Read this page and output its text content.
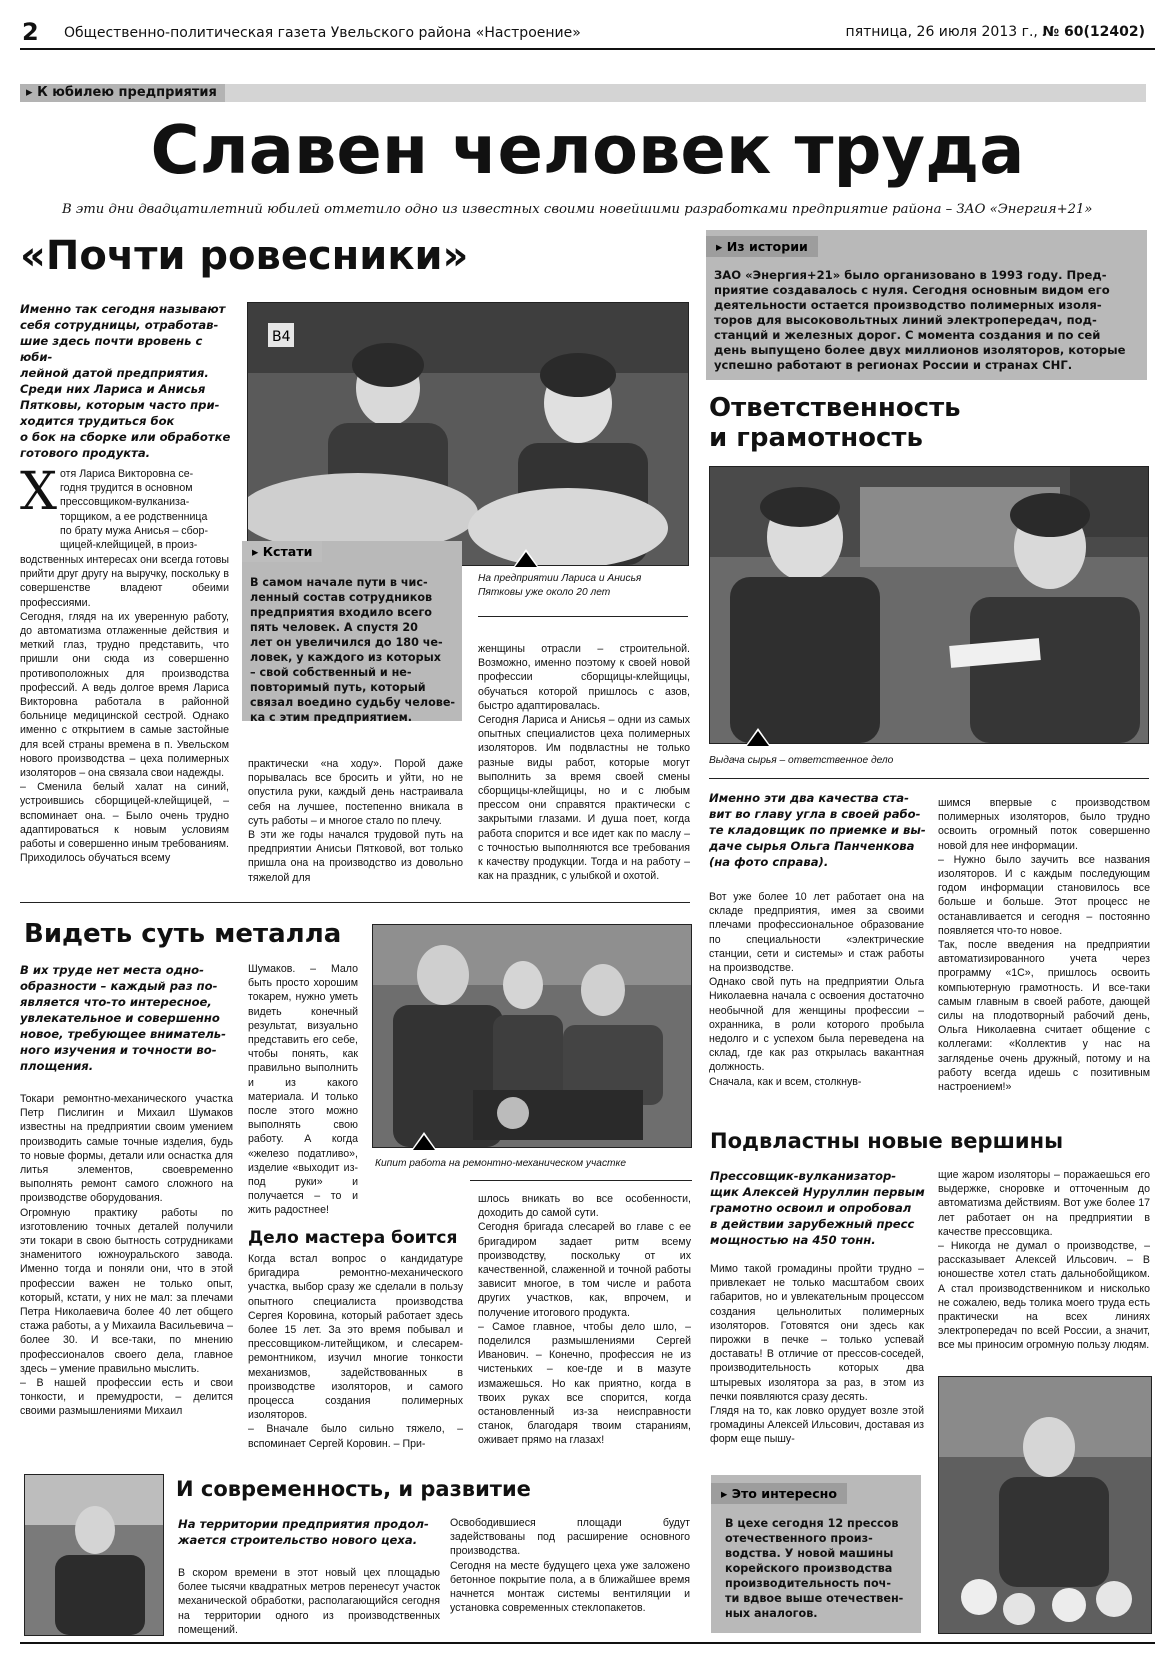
2 Общественно-политическая газета Увельского района «Настроение»	пятница, 26 июля 2013 г., № 60(12402)
▸ К юбилею предприятия
Славен человек труда
В эти дни двадцатилетний юбилей отметило одно из известных своими новейшими разработками предприятие района – ЗАО «Энергия+21»
«Почти ровесники»

Именно так сегодня называют
себя сотрудницы, отработав-
шие здесь почти вровень с юби-
лейной датой предприятия.
Среди них Лариса и Анисья
Пятковы, которым часто при-
ходится трудиться бок
о бок на сборке или обработке
готового продукта.

Х отя Лариса Викторовна се-
годня трудится в основном
прессовщиком-вулканиза-
торщиком, а ее родственница
по брату мужа Анисья – сбор-
щицей-клейщицей, в произ-

водственных интересах они всегда готовы прийти друг другу на выручку, поскольку в совершенстве владеют обеими профессиями.
Сегодня, глядя на их уверенную работу, до автоматизма отлаженные действия и меткий глаз, трудно представить, что пришли они сюда из совершенно противоположных для производства профессий. А ведь долгое время Лариса Викторовна работала в районной больнице медицинской сестрой. Однако именно с открытием в самые застойные для всей страны времена в п. Увельском нового производства – цеха полимерных изоляторов – она связала свои надежды.
– Сменила белый халат на синий, устроившись сборщицей-клейщицей, – вспоминает она. – Было очень трудно адаптироваться к новым условиям работы и совершенно иным требованиям. Приходилось обучаться всему

B4

На предприятии Лариса и Анисья
Пятковы уже около 20 лет

▸ Кстати

В самом начале пути в чис-
ленный состав сотрудников
предприятия входило всего
пять человек. А спустя 20
лет он увеличился до 180 че-
ловек, у каждого из которых
– свой собственный и не-
повторимый путь, который
связал воедино судьбу челове-
ка с этим предприятием.

практически «на ходу». Порой даже порывалась все бросить и уйти, но не опустила руки, каждый день настраивала себя на лучшее, постепенно вникала в суть работы – и многое стало по плечу.
В эти же годы начался трудовой путь на предприятии Анисьи Пятковой, вот только пришла она на производство из довольно тяжелой для

женщины отрасли – строительной. Возможно, именно поэтому к своей новой профессии сборщицы-клейщицы, обучаться которой пришлось с азов, быстро адаптировалась.
Сегодня Лариса и Анисья – одни из самых опытных специалистов цеха полимерных изоляторов. Им подвластны не только разные виды работ, которые могут выполнить за время своей смены сборщицы-клейщицы, но и с любым прессом они справятся практически с закрытыми глазами. И душа поет, когда работа спорится и все идет как по маслу – с точностью выполняются все требования к качеству продукции. Тогда и на работу – как на праздник, с улыбкой и охотой.

▸ Из истории

ЗАО «Энергия+21» было организовано в 1993 году. Пред-
приятие создавалось с нуля. Сегодня основным видом его
деятельности остается производство полимерных изоля-
торов для высоковольтных линий электропередач, под-
станций и железных дорог. С момента создания и по сей
день выпущено более двух миллионов изоляторов, которые
успешно работают в регионах России и странах СНГ.

Ответственность
и грамотность

Выдача сырья – ответственное дело

Именно эти два качества ста-
вит во главу угла в своей рабо-
те кладовщик по приемке и вы-
даче сырья Ольга Панченкова
(на фото справа).

Вот уже более 10 лет работает она на складе предприятия, имея за своими плечами профессиональное образование по специальности «электрические станции, сети и системы» и стаж работы на производстве.
Однако свой путь на предприятии Ольга Николаевна начала с освоения достаточно необычной для женщины профессии – охранника, в роли которого пробыла недолго и с успехом была переведена на склад, где как раз открылась вакантная должность.
Сначала, как и всем, столкнув-

шимся впервые с производством полимерных изоляторов, было трудно освоить огромный поток совершенно новой для нее информации.
– Нужно было заучить все названия изоляторов. И с каждым последующим годом информации становилось все больше и больше. Этот процесс не останавливается и сегодня – постоянно появляется что-то новое.
Так, после введения на предприятии автоматизированного учета через программу «1С», пришлось освоить компьютерную грамотность. И все-таки самым главным в своей работе, дающей силы на плодотворный рабочий день, Ольга Николаевна считает общение с коллегами: «Коллектив у нас на загляденье очень дружный, потому и на работу всегда идешь с позитивным настроением!»

Видеть суть металла

В их труде нет места одно-
образности – каждый раз по-
является что-то интересное,
увлекательное и совершенно
новое, требующее вниматель-
ного изучения и точности во-
площения.

Токари ремонтно-механического участка Петр Пислигин и Михаил Шумаков известны на предприятии своим умением производить самые точные изделия, будь то новые формы, детали или оснастка для литья элементов, своевременно выполнять ремонт самого сложного на производстве оборудования.
Огромную практику работы по изготовлению точных деталей получили эти токари в свою бытность сотрудниками знаменитого южноуральского завода. Именно тогда и поняли они, что в этой профессии важен не только опыт, который, кстати, у них не мал: за плечами Петра Николаевича более 40 лет общего стажа работы, а у Михаила Васильевича – более 30. И все-таки, по мнению профессионалов своего дела, главное здесь – умение правильно мыслить.
– В нашей профессии есть и свои тонкости, и премудрости, – делится своими размышлениями Михаил

Шумаков. – Мало быть просто хорошим токарем, нужно уметь видеть конечный результат, визуально представить его себе, чтобы понять, как правильно выполнить и из какого материала. И только после этого можно выполнять свою работу. А когда «железо податливо», изделие «выходит из-под руки» и получается – то и жить радостнее!

Кипит работа на ремонтно-механическом участке

Дело мастера боится

Когда встал вопрос о кандидатуре бригадира ремонтно-механического участка, выбор сразу же сделали в пользу опытного специалиста производства Сергея Коровина, который работает здесь более 15 лет. За это время побывал и прессовщиком-литейщиком, и слесарем-ремонтником, изучил многие тонкости механизмов, задействованных в производстве изоляторов, и самого процесса создания полимерных изоляторов.
– Вначале было сильно тяжело, – вспоминает Сергей Коровин. – При-

шлось вникать во все особенности, доходить до самой сути.
Сегодня бригада слесарей во главе с ее бригадиром задает ритм всему производству, поскольку от их качественной, слаженной и точной работы зависит многое, в том числе и работа других участков, как, впрочем, и получение итогового продукта.
– Самое главное, чтобы дело шло, – поделился размышлениями Сергей Иванович. – Конечно, профессия не из чистеньких – кое-где и в мазуте измажешься. Но как приятно, когда в твоих руках все спорится, когда остановленный из-за неисправности станок, благодаря твоим стараниям, оживает прямо на глазах!

Подвластны новые вершины

Прессовщик-вулканизатор-
щик Алексей Нуруллин первым
грамотно освоил и опробовал
в действии зарубежный пресс
мощностью на 450 тонн.

Мимо такой громадины пройти трудно – привлекает не только масштабом своих габаритов, но и увлекательным процессом создания цельнолитых полимерных изоляторов. Готовятся они здесь как пирожки в печке – только успевай доставать! В отличие от прессов-соседей, производительность которых два штыревых изолятора за раз, в этом из печки появляются сразу десять.
Глядя на то, как ловко орудует возле этой громадины Алексей Ильсович, доставая из форм еще пышу-

щие жаром изоляторы – поражаешься его выдержке, сноровке и отточенным до автоматизма действиям. Вот уже более 17 лет работает он на предприятии в качестве прессовщика.
– Никогда не думал о производстве, – рассказывает Алексей Ильсович. – В юношестве хотел стать дальнобойщиком. А стал производственником и нисколько не сожалею, ведь толика моего труда есть практически на всех линиях электропередач по всей России, а значит, все мы приносим огромную пользу людям.

▸ Это интересно

В цехе сегодня 12 прессов
отечественного произ-
водства. У новой машины
корейского производства
производительность поч-
ти вдвое выше отечествен-
ных аналогов.

И современность, и развитие

На территории предприятия продол-
жается строительство нового цеха.

В скором времени в этот новый цех площадью более тысячи квадратных метров перенесут участок механической обработки, располагающийся сегодня на территории одного из производственных помещений.

Освободившиеся площади будут задействованы под расширение основного производства.
Сегодня на месте будущего цеха уже заложено бетонное покрытие пола, а в ближайшее время начнется монтаж системы вентиляции и установка современных стеклопакетов.
